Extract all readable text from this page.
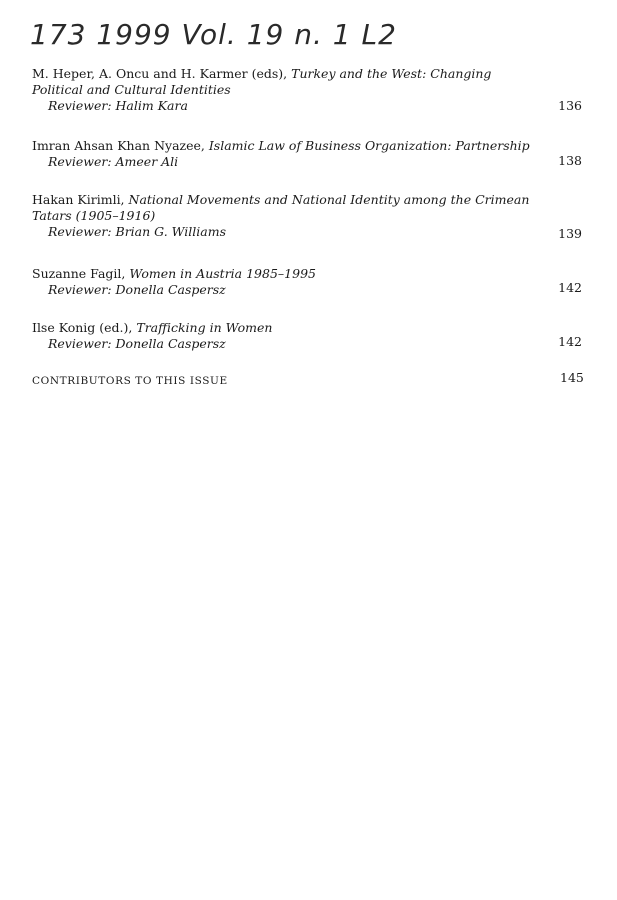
173 1999 Vol. 19 n. 1 L2
M. Heper, A. Oncu and H. Karmer (eds), Turkey and the West: Changing
Political and Cultural Identities
Reviewer: Halim Kara	136
Imran Ahsan Khan Nyazee, Islamic Law of Business Organization: Partnership
Reviewer: Ameer Ali	138
Hakan Kirimli, National Movements and National Identity among the Crimean
Tatars (1905–1916)
Reviewer: Brian G. Williams	139
Suzanne Fagil, Women in Austria 1985–1995
Reviewer: Donella Caspersz	142
Ilse Konig (ed.), Trafficking in Women
Reviewer: Donella Caspersz	142
CONTRIBUTORS TO THIS ISSUE	145
